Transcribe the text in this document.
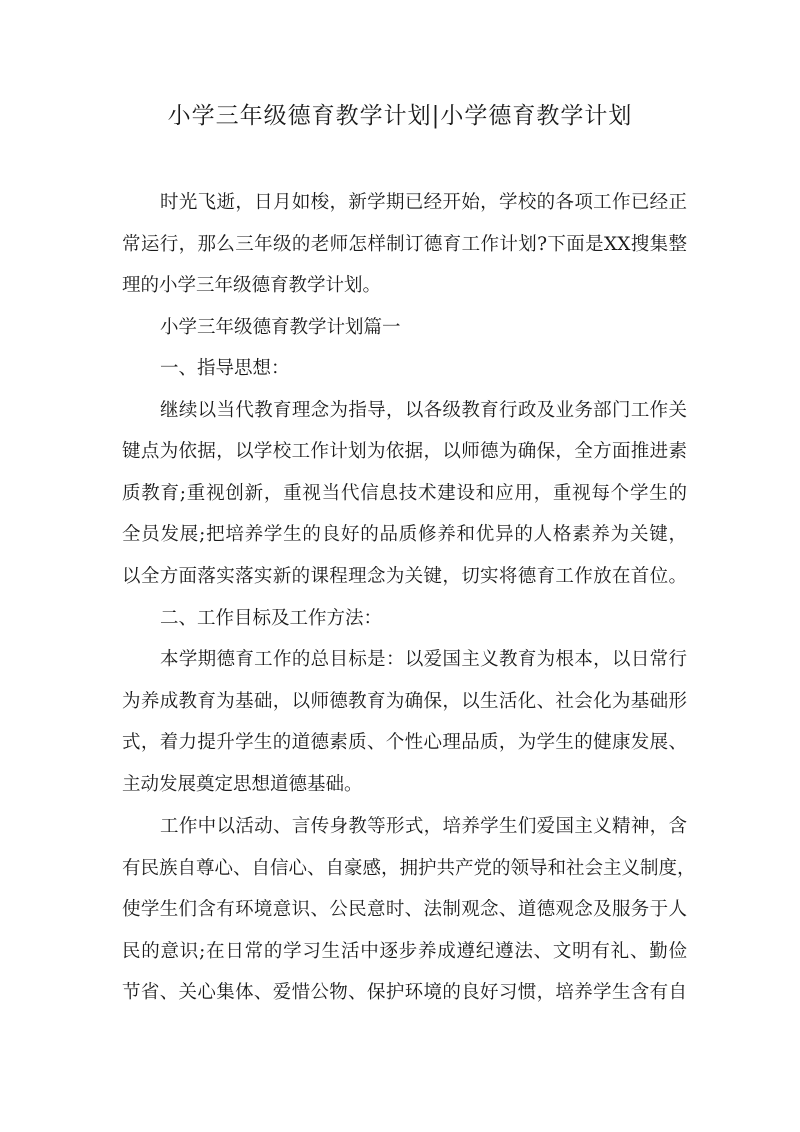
小学三年级德育教学计划|小学德育教学计划
时光飞逝，日月如梭，新学期已经开始，学校的各项工作已经正
常运行，那么三年级的老师怎样制订德育工作计划?下面是XX搜集整
理的小学三年级德育教学计划。
小学三年级德育教学计划篇一
一、指导思想：
继续以当代教育理念为指导，以各级教育行政及业务部门工作关
键点为依据，以学校工作计划为依据，以师德为确保，全方面推进素
质教育;重视创新，重视当代信息技术建设和应用，重视每个学生的
全员发展;把培养学生的良好的品质修养和优异的人格素养为关键，
以全方面落实落实新的课程理念为关键，切实将德育工作放在首位。
二、工作目标及工作方法：
本学期德育工作的总目标是：以爱国主义教育为根本，以日常行
为养成教育为基础，以师德教育为确保，以生活化、社会化为基础形
式，着力提升学生的道德素质、个性心理品质，为学生的健康发展、
主动发展奠定思想道德基础。
工作中以活动、言传身教等形式，培养学生们爱国主义精神，含
有民族自尊心、自信心、自豪感，拥护共产党的领导和社会主义制度，
使学生们含有环境意识、公民意时、法制观念、道德观念及服务于人
民的意识;在日常的学习生活中逐步养成遵纪遵法、文明有礼、勤俭
节省、关心集体、爱惜公物、保护环境的良好习惯，培养学生含有自
